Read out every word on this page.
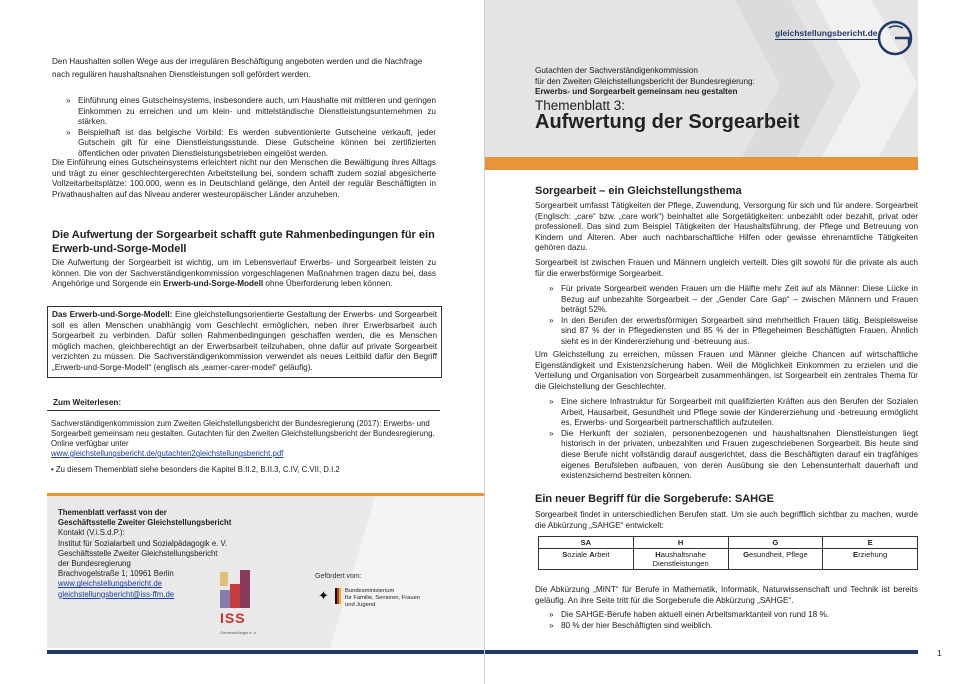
Den Haushalten sollen Wege aus der irregulären Beschäftigung angeboten werden und die Nachfrage nach regulären haushaltsnahen Dienstleistungen soll gefördert werden.

» Einführung eines Gutscheinsystems, insbesondere auch, um Haushalte mit mittleren und geringen Einkommen zu erreichen und um klein- und mittelständische Dienstleistungsunternehmen zu stärken.
» Beispielhaft ist das belgische Vorbild: Es werden subventionierte Gutscheine verkauft, jeder Gutschein gilt für eine Dienstleistungsstunde. Diese Gutscheine können bei zertifizierten öffentlichen oder privaten Dienstleistungsbetrieben eingelöst werden.

Die Einführung eines Gutscheinsystems erleichtert nicht nur den Menschen die Bewältigung ihres Alltags und trägt zu einer geschlechtergerechten Arbeitsteilung bei, sondern schafft zudem sozial abgesicherte Vollzeitarbeitsplätze: 100.000, wenn es in Deutschland gelänge, den Anteil der regulär Beschäftigten in Privathaushalten auf das Niveau anderer westeuropäischer Länder anzuheben.

Die Aufwertung der Sorgearbeit schafft gute Rahmenbedingungen für ein Erwerb-und-Sorge-Modell

Die Aufwertung der Sorgearbeit ist wichtig, um im Lebensverlauf Erwerbs- und Sorgearbeit leisten zu können. Die von der Sachverständigenkommission vorgeschlagenen Maßnahmen tragen dazu bei, dass Angehörige und Sorgende ein Erwerb-und-Sorge-Modell ohne Überforderung leben können.

Das Erwerb-und-Sorge-Modell: Eine gleichstellungsorientierte Gestaltung der Erwerbs- und Sorgearbeit soll es allen Menschen unabhängig vom Geschlecht ermöglichen, neben ihrer Erwerbsarbeit auch Sorgearbeit zu verbinden. Dafür sollen Rahmenbedingungen geschaffen werden, die es Menschen möglich machen, gleichberechtigt an der Erwerbsarbeit teilzuhaben, ohne dafür auf private Sorgearbeit verzichten zu müssen. Die Sachverständigenkommission verwendet als neues Leitbild dafür den Begriff „Erwerb-und-Sorge-Modell“ (englisch als „earner-carer-model“ geläufig).

Zum Weiterlesen:

Sachverständigenkommission zum Zweiten Gleichstellungsbericht der Bundesregierung (2017): Erwerbs- und Sorgearbeit gemeinsam neu gestalten. Gutachten für den Zweiten Gleichstellungsbericht der Bundesregierung. Online verfügbar unter

www.gleichstellungsbericht.de/gutachten2gleichstellungsbericht.pdf

• Zu diesem Themenblatt siehe besonders die Kapitel B.II.2, B.II.3, C.IV, C.VII, D.I.2

Themenblatt verfasst von der
Geschäftsstelle Zweiter Gleichstellungsbericht
Kontakt (V.i.S.d.P.):
Institut für Sozialarbeit und Sozialpädagogik e. V.
Geschäftsstelle Zweiter Gleichstellungsbericht
der Bundesregierung
Brachvogelstraße 1; 10961 Berlin
www.gleichstellungsbericht.de
gleichstellungsbericht@iss-ffm.de
ISS
Gemeinnütziger e. V.
Gefördert vom:
✦	Bundesministerium
für Familie, Senioren, Frauen
und Jugend
gleichstellungsbericht.de
Gutachten der Sachverständigenkommission
für den Zweiten Gleichstellungsbericht der Bundesregierung:
Erwerbs- und Sorgearbeit gemeinsam neu gestalten
Themenblatt 3:
Aufwertung der Sorgearbeit
Sorgearbeit – ein Gleichstellungsthema

Sorgearbeit umfasst Tätigkeiten der Pflege, Zuwendung, Versorgung für sich und für andere. Sorgearbeit (Englisch: „care“ bzw. „care work“) beinhaltet alle Sorgetätigkeiten: unbezahlt oder bezahlt, privat oder professionell. Das sind zum Beispiel Tätigkeiten der Haushaltsführung, der Pflege und Betreuung von Kindern und Älteren. Aber auch nachbarschaftliche Hilfen oder gewisse ehrenamtliche Tätigkeiten gehören dazu.

Sorgearbeit ist zwischen Frauen und Männern ungleich verteilt. Dies gilt sowohl für die private als auch für die erwerbsförmige Sorgearbeit.

» Für private Sorgearbeit wenden Frauen um die Hälfte mehr Zeit auf als Männer: Diese Lücke in Bezug auf unbezahlte Sorgearbeit – der „Gender Care Gap“ – zwischen Männern und Frauen beträgt 52%.
» In den Berufen der erwerbsförmigen Sorgearbeit sind mehrheitlich Frauen tätig. Beispielsweise sind 87 % der in Pflegediensten und 85 % der in Pflegeheimen Beschäftigten Frauen. Ähnlich sieht es in der Kindererziehung und -betreuung aus.

Um Gleichstellung zu erreichen, müssen Frauen und Männer gleiche Chancen auf wirtschaftliche Eigenständigkeit und Existenzsicherung haben. Weil die Möglichkeit Einkommen zu erzielen und die Verteilung und Organisation von Sorgearbeit zusammenhängen, ist Sorgearbeit ein zentrales Thema für die Gleichstellung der Geschlechter.

» Eine sichere Infrastruktur für Sorgearbeit mit qualifizierten Kräften aus den Berufen der Sozialen Arbeit, Hausarbeit, Gesundheit und Pflege sowie der Kindererziehung und -betreuung ermöglicht es, Erwerbs- und Sorgearbeit partnerschaftlich aufzuteilen.
» Die Herkunft der sozialen, personenbezogenen und haushaltsnahen Dienstleistungen liegt historisch in der privaten, unbezahlten und Frauen zugeschriebenen Sorgearbeit. Bis heute sind diese Berufe nicht vollständig darauf ausgerichtet, dass die Beschäftigten darauf ein tragfähiges eigenes Berufsleben aufbauen, von deren Ausübung sie den Lebensunterhalt dauerhaft und existenzsichernd bestreiten können.
Ein neuer Begriff für die Sorgeberufe: SAHGE

Sorgearbeit findet in unterschiedlichen Berufen statt. Um sie auch begrifflich sichtbar zu machen, wurde die Abkürzung „SAHGE“ entwickelt:

SA	H	G	E
Soziale Arbeit	Haushaltsnahe Dienstleistungen	Gesundheit, Pflege	Erziehung

Die Abkürzung „MINT“ für Berufe in Mathematik, Informatik, Naturwissenschaft und Technik ist bereits geläufig. An ihre Seite tritt für die Sorgeberufe die Abkürzung „SAHGE“.

» Die SAHGE-Berufe haben aktuell einen Arbeitsmarktanteil von rund 18 %.
» 80 % der hier Beschäftigten sind weiblich.
1
